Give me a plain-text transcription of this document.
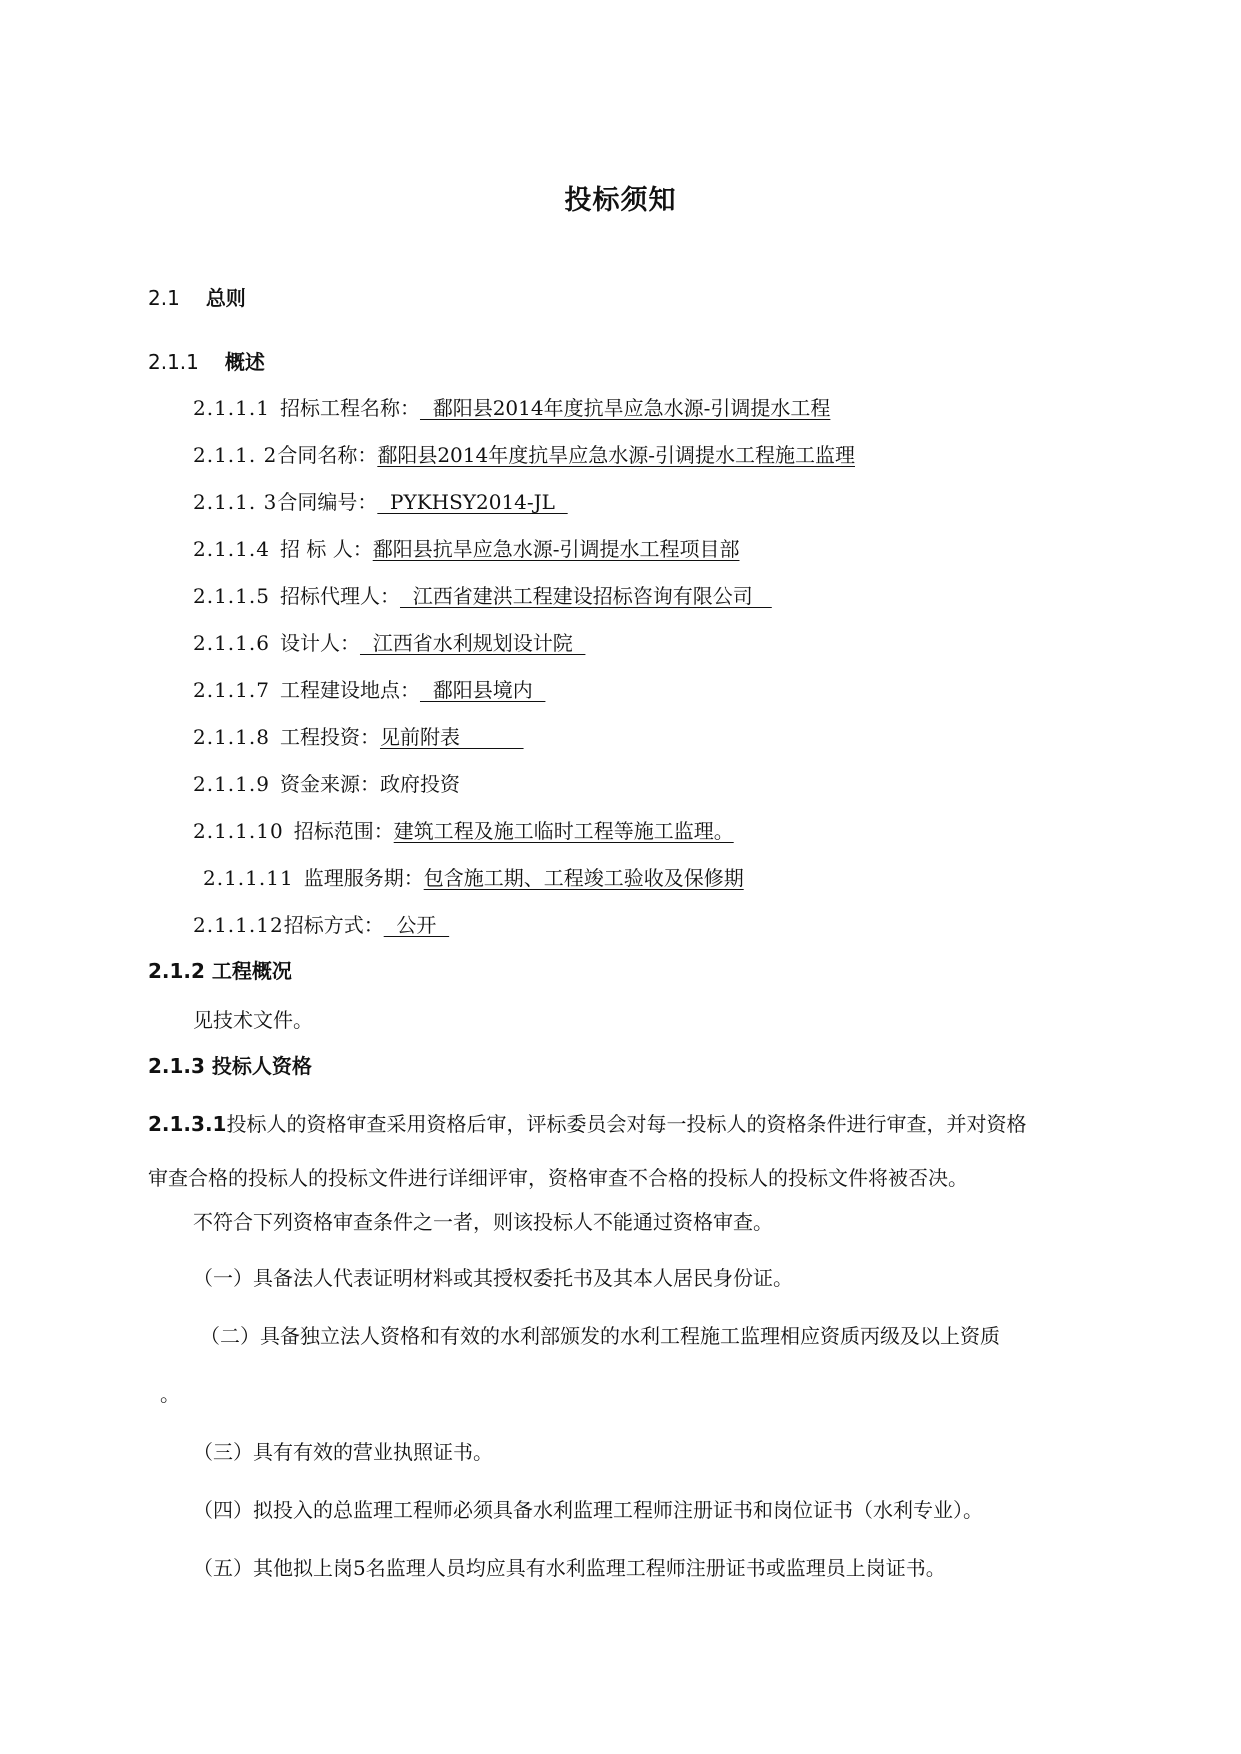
投标须知
2.1 总则
2.1.1 概述
2.1.1.1 招标工程名称：  鄱阳县2014年度抗旱应急水源-引调提水工程
2.1.1. 2合同名称：鄱阳县2014年度抗旱应急水源-引调提水工程施工监理
2.1.1. 3合同编号：  PYKHSY2014-JL
2.1.1.4 招 标 人：鄱阳县抗旱应急水源-引调提水工程项目部
2.1.1.5 招标代理人：  江西省建洪工程建设招标咨询有限公司
2.1.1.6 设计人：  江西省水利规划设计院
2.1.1.7 工程建设地点：  鄱阳县境内
2.1.1.8 工程投资：见前附表
2.1.1.9 资金来源：政府投资
2.1.1.10 招标范围：建筑工程及施工临时工程等施工监理。
2.1.1.11 监理服务期：包含施工期、工程竣工验收及保修期
2.1.1.12招标方式：  公开
2.1.2 工程概况
见技术文件。
2.1.3 投标人资格
2.1.3.1投标人的资格审查采用资格后审，评标委员会对每一投标人的资格条件进行审查，并对资格
审查合格的投标人的投标文件进行详细评审，资格审查不合格的投标人的投标文件将被否决。
不符合下列资格审查条件之一者，则该投标人不能通过资格审查。
（一）具备法人代表证明材料或其授权委托书及其本人居民身份证。
（二）具备独立法人资格和有效的水利部颁发的水利工程施工监理相应资质丙级及以上资质
。
（三）具有有效的营业执照证书。
（四）拟投入的总监理工程师必须具备水利监理工程师注册证书和岗位证书（水利专业）。
（五）其他拟上岗5名监理人员均应具有水利监理工程师注册证书或监理员上岗证书。
